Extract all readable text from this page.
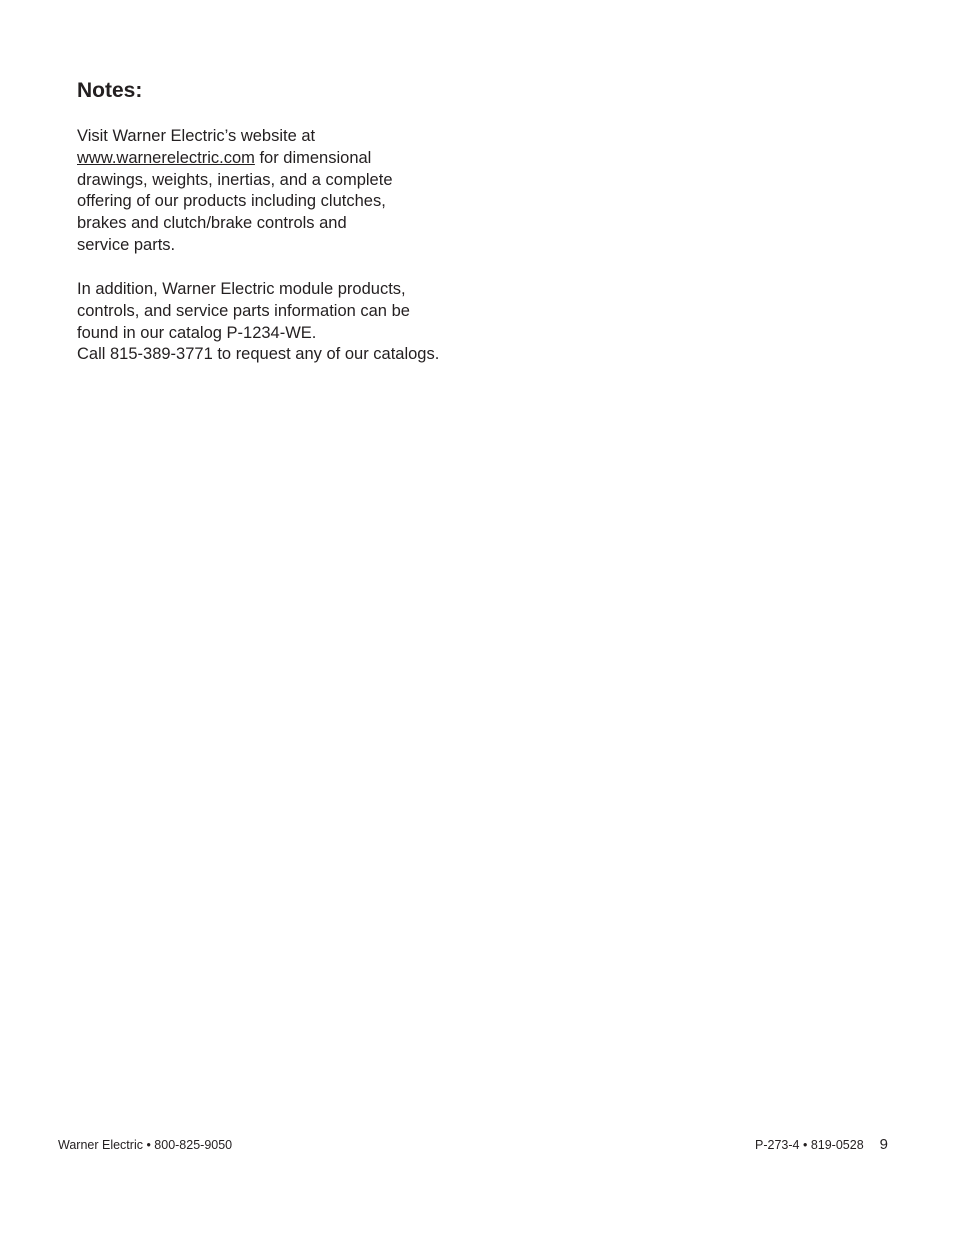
Notes:

Visit Warner Electric’s website at
www.warnerelectric.com for dimensional
drawings, weights, inertias, and a complete
offering of our products including clutches,
brakes and clutch/brake controls and
service parts.

In addition, Warner Electric module products,
controls, and service parts information can be
found in our catalog P-1234-WE.
Call 815-389-3771 to request any of our catalogs.

Warner Electric • 800-825-9050	P-273-4 • 819-0528 9
